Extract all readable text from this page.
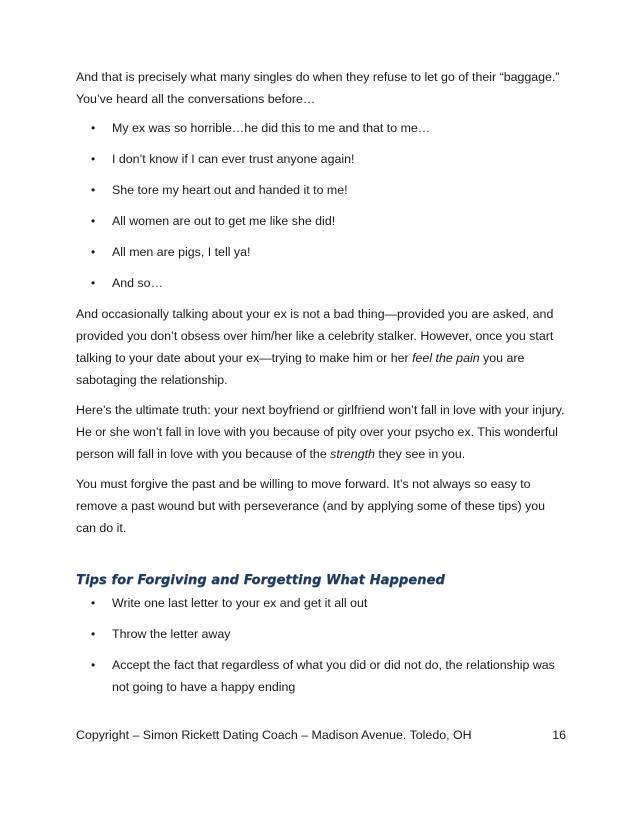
And that is precisely what many singles do when they refuse to let go of their “baggage.”

You’ve heard all the conversations before…

• My ex was so horrible…he did this to me and that to me…
• I don’t know if I can ever trust anyone again!
• She tore my heart out and handed it to me!
• All women are out to get me like she did!
• All men are pigs, I tell ya!
• And so…

And occasionally talking about your ex is not a bad thing—provided you are asked, and provided you don’t obsess over him/her like a celebrity stalker. However, once you start talking to your date about your ex—trying to make him or her feel the pain you are sabotaging the relationship.

Here’s the ultimate truth: your next boyfriend or girlfriend won’t fall in love with your injury. He or she won’t fall in love with you because of pity over your psycho ex. This wonderful person will fall in love with you because of the strength they see in you.

You must forgive the past and be willing to move forward. It’s not always so easy to remove a past wound but with perseverance (and by applying some of these tips) you can do it.

Tips for Forgiving and Forgetting What Happened
• Write one last letter to your ex and get it all out
• Throw the letter away
• Accept the fact that regardless of what you did or did not do, the relationship was not going to have a happy ending
Copyright – Simon Rickett Dating Coach – Madison Avenue. Toledo, OH	16
